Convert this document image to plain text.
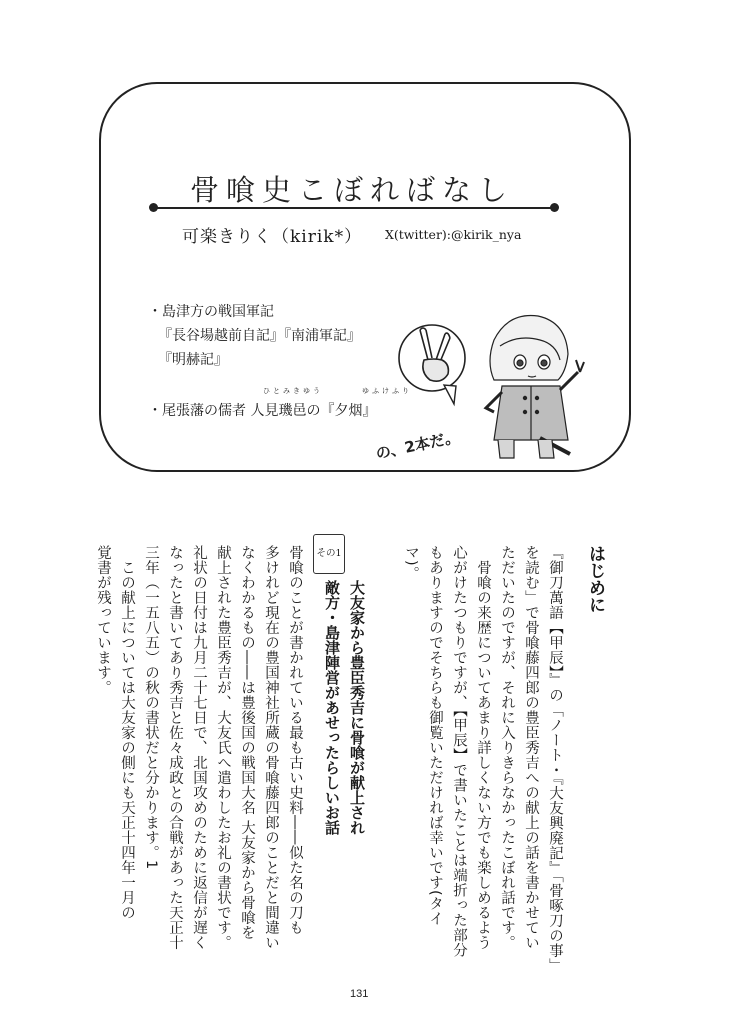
骨喰史こぼればなし
可楽きりく（kirik*） X(twitter):@kirik_nya
・島津方の戦国軍記
『長谷場越前自記』『南浦軍記』
『明赫記』
ひとみきゆう	ゆふけふり
・尾張藩の儒者 人見璣邑の『夕烟』
の、2本だ。
はじめに
『御刀萬語【甲辰】』の「ノート・『大友興廃記』「骨啄刀の事」
を読む」で骨喰藤四郎の豊臣秀吉への献上の話を書かせてい
ただいたのですが、それに入りきらなかったこぼれ話です。
　骨喰の来歴についてあまり詳しくない方でも楽しめるよう
心がけたつもりですが、【甲辰】で書いたことは端折った部分
もありますのでそちらも御覧いただければ幸いです(タイ
マ)。
その1
大友家から豊臣秀吉に骨喰が献上され
敵方・島津陣営があせったらしいお話
骨喰のことが書かれている最も古い史料――似た名の刀も
多けれど現在の豊国神社所蔵の骨喰藤四郎のことだと間違い
なくわかるもの――は豊後国の戦国大名 大友家から骨喰を
献上された豊臣秀吉が、大友氏へ遣わしたお礼の書状です。
礼状の日付は九月二十七日で、北国攻めのために返信が遅く
なったと書いてあり秀吉と佐々成政との合戦があった天正十
三年（一五八五）の秋の書状だと分かります。1
　この献上については大友家の側にも天正十四年一月の
覚書が残っています。
131
